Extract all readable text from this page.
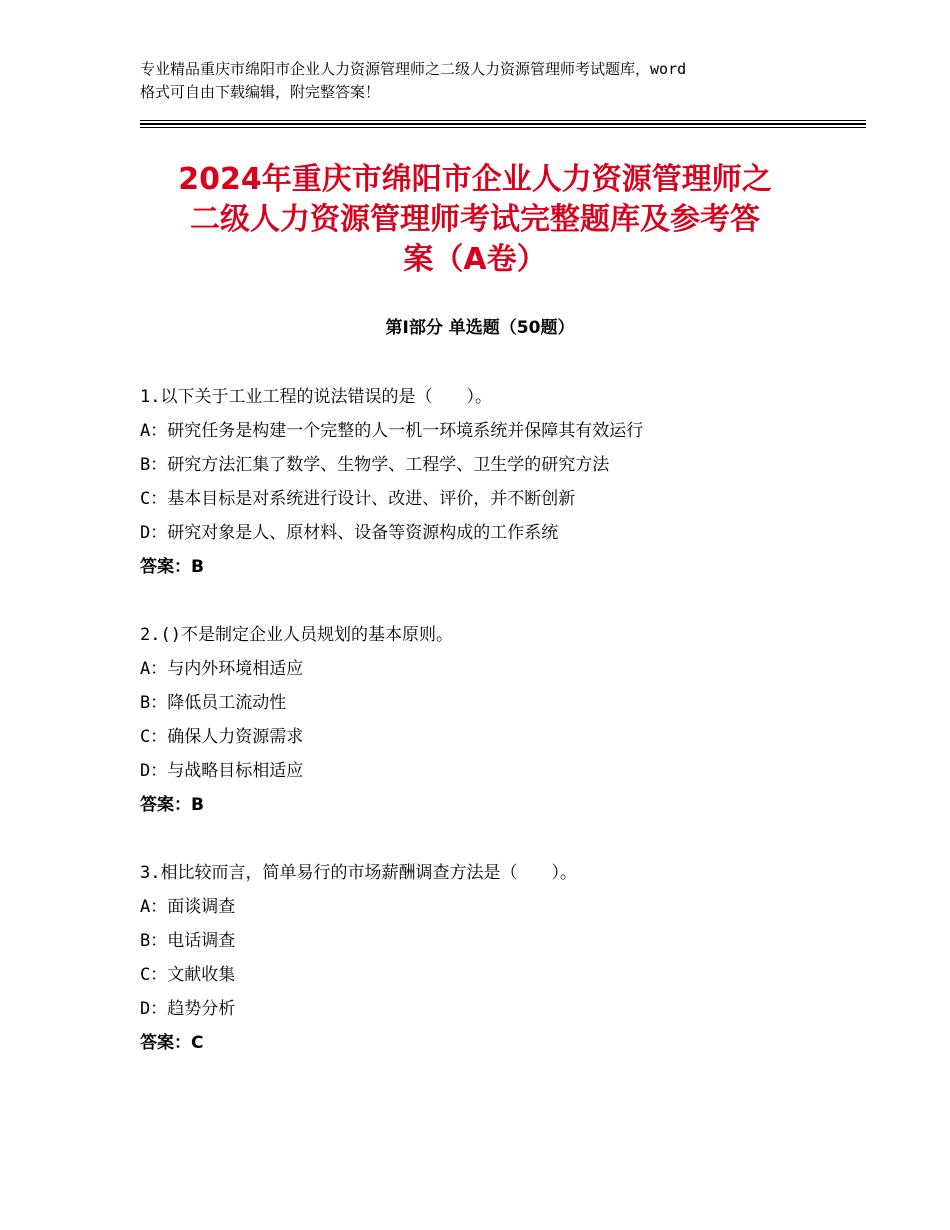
专业精品重庆市绵阳市企业人力资源管理师之二级人力资源管理师考试题库，word
格式可自由下载编辑，附完整答案！
2024年重庆市绵阳市企业人力资源管理师之
二级人力资源管理师考试完整题库及参考答
案（A卷）
第Ⅰ部分 单选题（50题）
1.以下关于工业工程的说法错误的是（　　）。
A：研究任务是构建一个完整的人一机一环境系统并保障其有效运行
B：研究方法汇集了数学、生物学、工程学、卫生学的研究方法
C：基本目标是对系统进行设计、改进、评价，并不断创新
D：研究对象是人、原材料、设备等资源构成的工作系统
答案：B
2.()不是制定企业人员规划的基本原则。
A：与内外环境相适应
B：降低员工流动性
C：确保人力资源需求
D：与战略目标相适应
答案：B
3.相比较而言，简单易行的市场薪酬调查方法是（　　）。
A：面谈调查
B：电话调查
C：文献收集
D：趋势分析
答案：C
